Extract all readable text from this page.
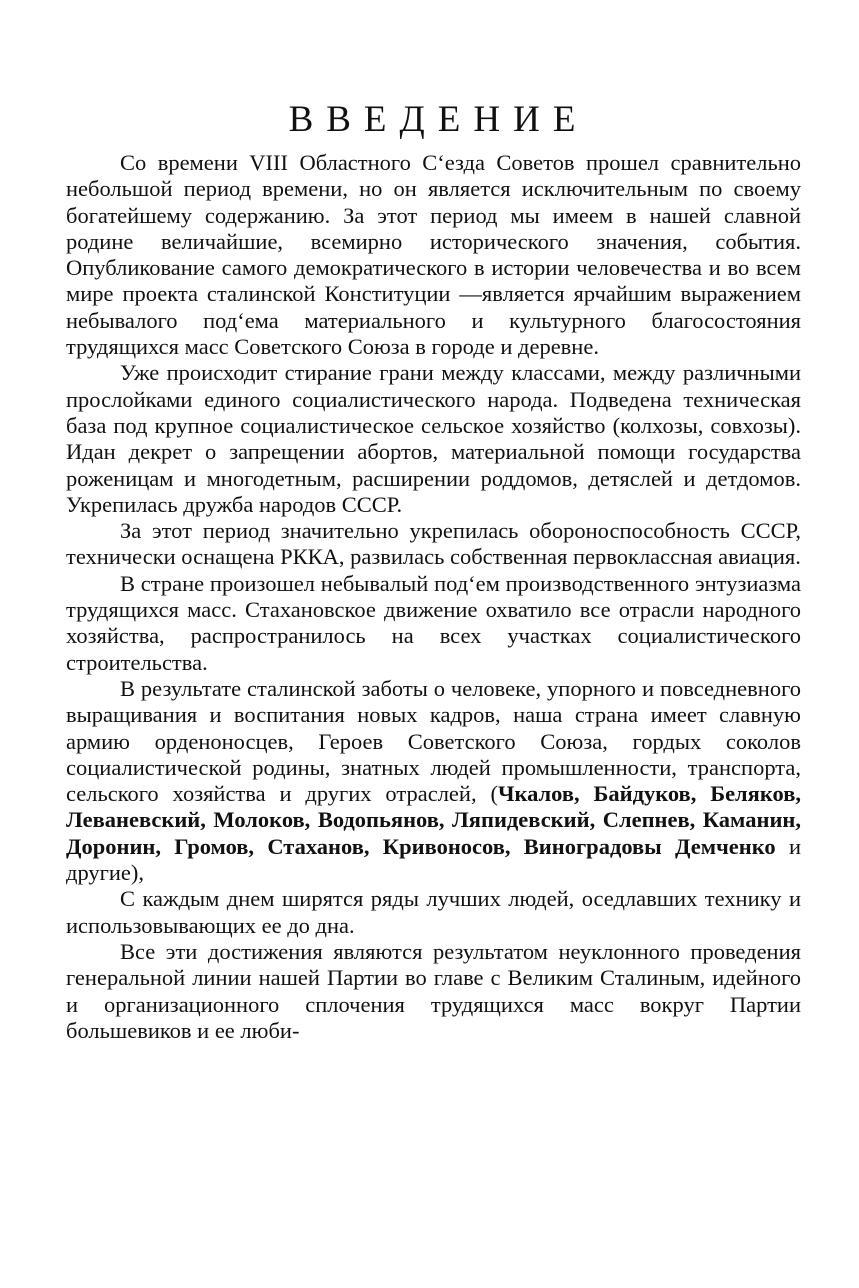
ВВЕДЕНИЕ

Со времени VIII Областного С‘езда Советов прошел сравнительно небольшой период времени, но он является исключительным по своему богатейшему содержанию. За этот период мы имеем в нашей славной родине величайшие, всемирно исторического значения, события. Опубликование самого демократического в истории человечества и во всем мире проекта сталинской Конституции —является ярчайшим выражением небывалого под‘ема материального и культурного благосостояния трудящихся масс Советского Союза в городе и деревне.

Уже происходит стирание грани между классами, между различными прослойками единого социалистического народа. Подведена техническая база под крупное социалистическое сельское хозяйство (колхозы, совхозы). Идан декрет о запрещении абортов, материальной помощи государства роженицам и многодетным, расширении роддомов, детяслей и детдомов. Укрепилась дружба народов СССР.

За этот период значительно укрепилась обороноспособность СССР, технически оснащена РККА, развилась собственная первоклассная авиация.

В стране произошел небывалый под‘ем производственного энтузиазма трудящихся масс. Стахановское движение охватило все отрасли народного хозяйства, распространилось на всех участках социалистического строительства.

В результате сталинской заботы о человеке, упорного и повседневного выращивания и воспитания новых кадров, наша страна имеет славную армию орденоносцев, Героев Советского Союза, гордых соколов социалистической родины, знатных людей промышленности, транспорта, сельского хозяйства и других отраслей, (Чкалов, Байдуков, Беляков, Леваневский, Молоков, Водопьянов, Ляпидевский, Слепнев, Каманин, Доронин, Громов, Стаханов, Кривоносов, Виноградовы Демченко и другие),

С каждым днем ширятся ряды лучших людей, оседлавших технику и использовывающих ее до дна.

Все эти достижения являются результатом неуклонного проведения генеральной линии нашей Партии во главе с Великим Сталиным, идейного и организационного сплочения трудящихся масс вокруг Партии большевиков и ее люби-
